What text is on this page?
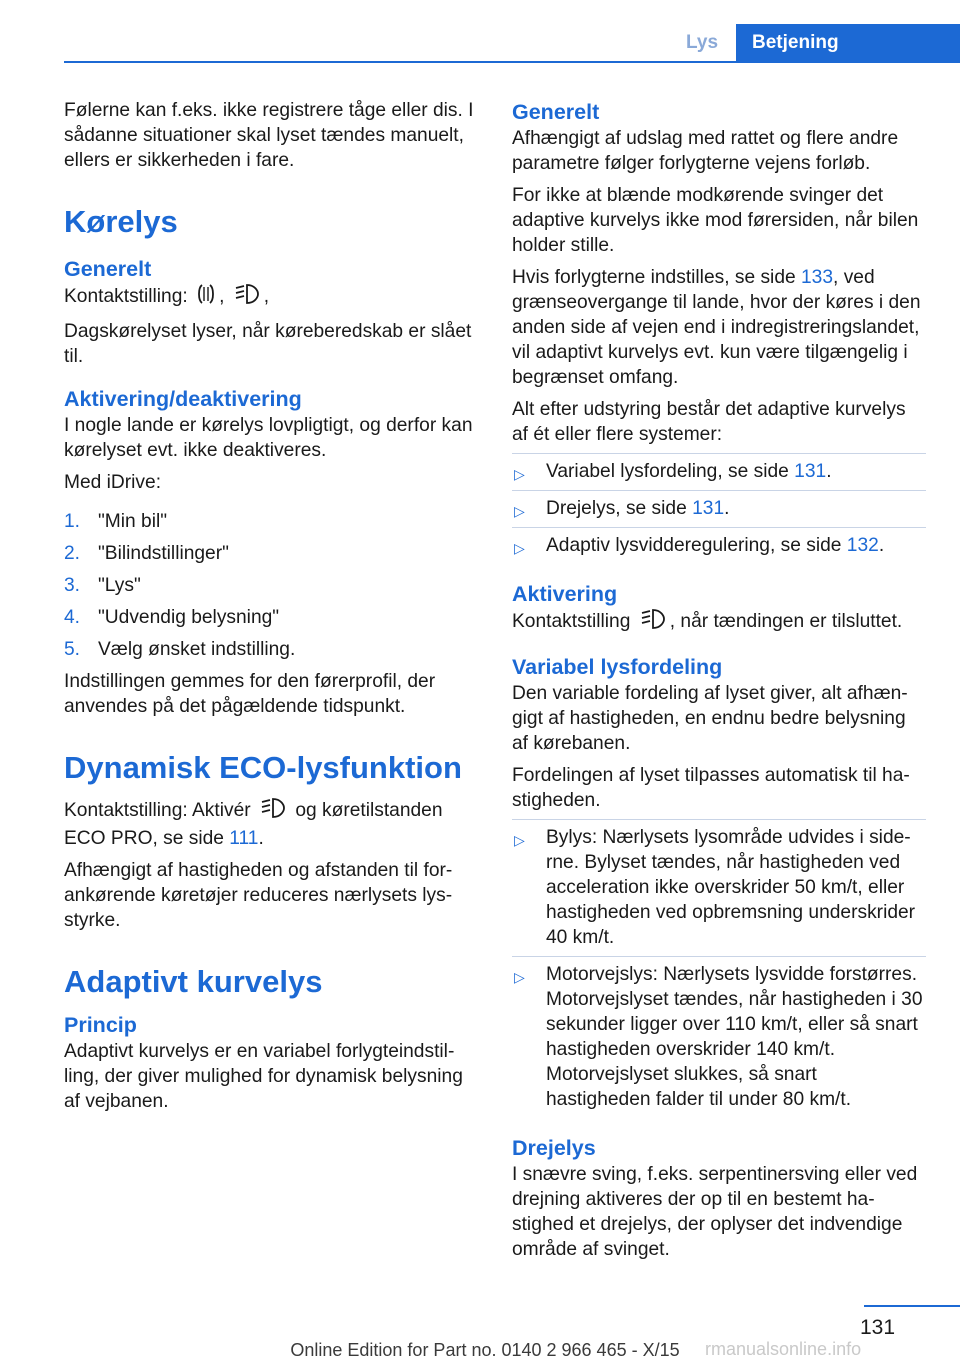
Lys	Betjening

Følerne kan f.eks. ikke registrere tåge eller dis. I sådanne situationer skal lyset tændes manuelt, ellers er sikkerheden i fare.

Kørelys
Generelt

Kontaktstilling: , ,

Dagskørelyset lyser, når køreberedskab er slået til.

Aktivering/deaktivering

I nogle lande er kørelys lovpligtigt, og derfor kan kørelyset evt. ikke deaktiveres.

Med iDrive:

1. "Min bil"
2. "Bilindstillinger"
3. "Lys"
4. "Udvendig belysning"
5. Vælg ønsket indstilling.

Indstillingen gemmes for den førerprofil, der anvendes på det pågældende tidspunkt.

Dynamisk ECO-lysfunktion

Kontaktstilling: Aktivér og køretilstanden ECO PRO, se side 111.

Afhængigt af hastigheden og afstanden til forankørende køretøjer reduceres nærlysets lysstyrke.

Adaptivt kurvelys
Princip

Adaptivt kurvelys er en variabel forlygteindstilling, der giver mulighed for dynamisk belysning af vejbanen.

Generelt

Afhængigt af udslag med rattet og flere andre parametre følger forlygterne vejens forløb.

For ikke at blænde modkørende svinger det adaptive kurvelys ikke mod førersiden, når bilen holder stille.

Hvis forlygterne indstilles, se side 133, ved grænseovergange til lande, hvor der køres i den anden side af vejen end i indregistreringslandet, vil adaptivt kurvelys evt. kun være tilgængelig i begrænset omfang.

Alt efter udstyring består det adaptive kurvelys af ét eller flere systemer:

▷ Variabel lysfordeling, se side 131.
▷ Drejelys, se side 131.
▷ Adaptiv lysvidderegulering, se side 132.
Aktivering

Kontaktstilling , når tændingen er tilsluttet.

Variabel lysfordeling

Den variable fordeling af lyset giver, alt afhængigt af hastigheden, en endnu bedre belysning af kørebanen.

Fordelingen af lyset tilpasses automatisk til hastigheden.

▷ Bylys: Nærlysets lysområde udvides i siderne. Bylyset tændes, når hastigheden ved acceleration ikke overskrider 50 km/t, eller hastigheden ved opbremsning underskrider 40 km/t.
▷ Motorvejslys: Nærlysets lysvidde forstørres. Motorvejslyset tændes, når hastigheden i 30 sekunder ligger over 110 km/t, eller så snart hastigheden overskrider 140 km/t. Motorvejslyset slukkes, så snart hastigheden falder til under 80 km/t.
Drejelys

I snævre sving, f.eks. serpentinersving eller ved drejning aktiveres der op til en bestemt hastighed et drejelys, der oplyser det indvendige område af svinget.

131
Online Edition for Part no. 0140 2 966 465 - X/15	rmanualsonline.info
